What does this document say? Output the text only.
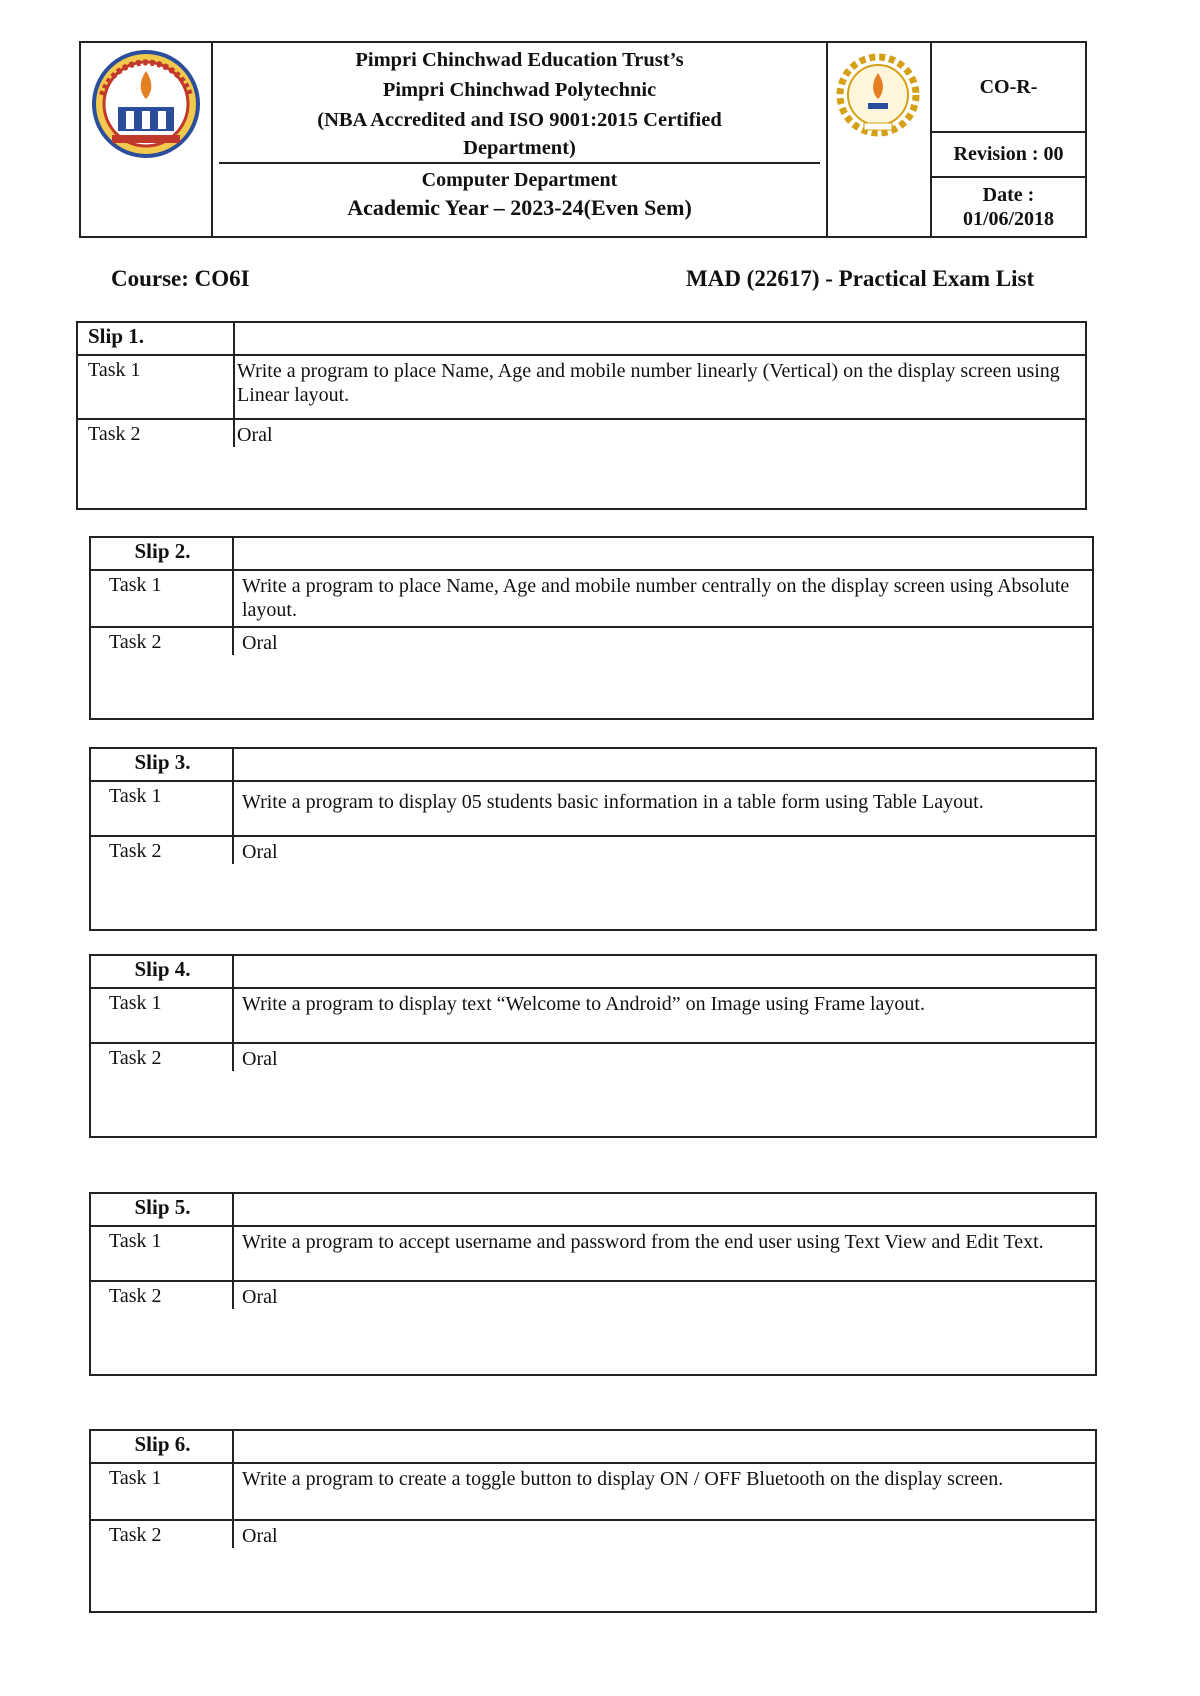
Pimpri Chinchwad Education Trust’s
Pimpri Chinchwad Polytechnic
(NBA Accredited and ISO 9001:2015 Certified
Department)
Computer Department
Academic Year – 2023-24(Even Sem)
CO-R-
Revision : 00
Date :
01/06/2018
Course: CO6I	MAD (22617) - Practical Exam List
Slip 1.
Task 1	Write a program to place Name, Age and mobile number linearly (Vertical) on the display screen using Linear layout.
Task 2	Oral
Slip 2.
Task 1	Write a program to place Name, Age and mobile number centrally on the display screen using Absolute layout.
Task 2	Oral
Slip 3.
Task 1	Write a program to display 05 students basic information in a table form using Table Layout.
Task 2	Oral
Slip 4.
Task 1	Write a program to display text “Welcome to Android” on Image using Frame layout.
Task 2	Oral
Slip 5.
Task 1	Write a program to accept username and password from the end user using Text View and Edit Text.
Task 2	Oral
Slip 6.
Task 1	Write a program to create a toggle button to display ON / OFF Bluetooth on the display screen.
Task 2	Oral
